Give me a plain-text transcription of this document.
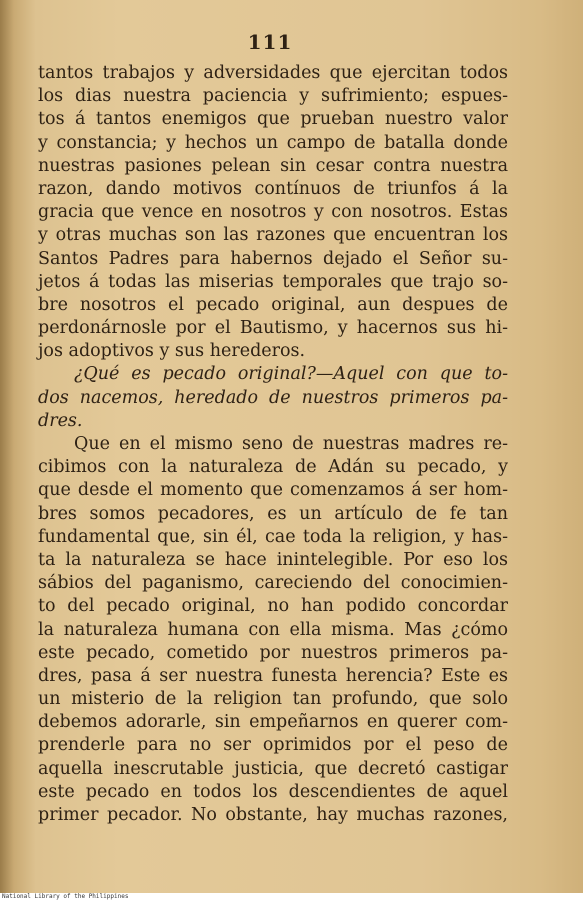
111
tantos trabajos y adversidades que ejercitan todos
los dias nuestra paciencia y sufrimiento; espues-
tos á tantos enemigos que prueban nuestro valor
y constancia; y hechos un campo de batalla donde
nuestras pasiones pelean sin cesar contra nuestra
razon, dando motivos contínuos de triunfos á la
gracia que vence en nosotros y con nosotros. Estas
y otras muchas son las razones que encuentran los
Santos Padres para habernos dejado el Señor su-
jetos á todas las miserias temporales que trajo so-
bre nosotros el pecado original, aun despues de
perdonárnosle por el Bautismo, y hacernos sus hi-
jos adoptivos y sus herederos.
¿Qué es pecado original?—Aquel con que to-
dos nacemos, heredado de nuestros primeros pa-
dres.
Que en el mismo seno de nuestras madres re-
cibimos con la naturaleza de Adán su pecado, y
que desde el momento que comenzamos á ser hom-
bres somos pecadores, es un artículo de fe tan
fundamental que, sin él, cae toda la religion, y has-
ta la naturaleza se hace inintelegible. Por eso los
sábios del paganismo, careciendo del conocimien-
to del pecado original, no han podido concordar
la naturaleza humana con ella misma. Mas ¿cómo
este pecado, cometido por nuestros primeros pa-
dres, pasa á ser nuestra funesta herencia? Este es
un misterio de la religion tan profundo, que solo
debemos adorarle, sin empeñarnos en querer com-
prenderle para no ser oprimidos por el peso de
aquella inescrutable justicia, que decretó castigar
este pecado en todos los descendientes de aquel
primer pecador. No obstante, hay muchas razones,
National Library of the Philippines
